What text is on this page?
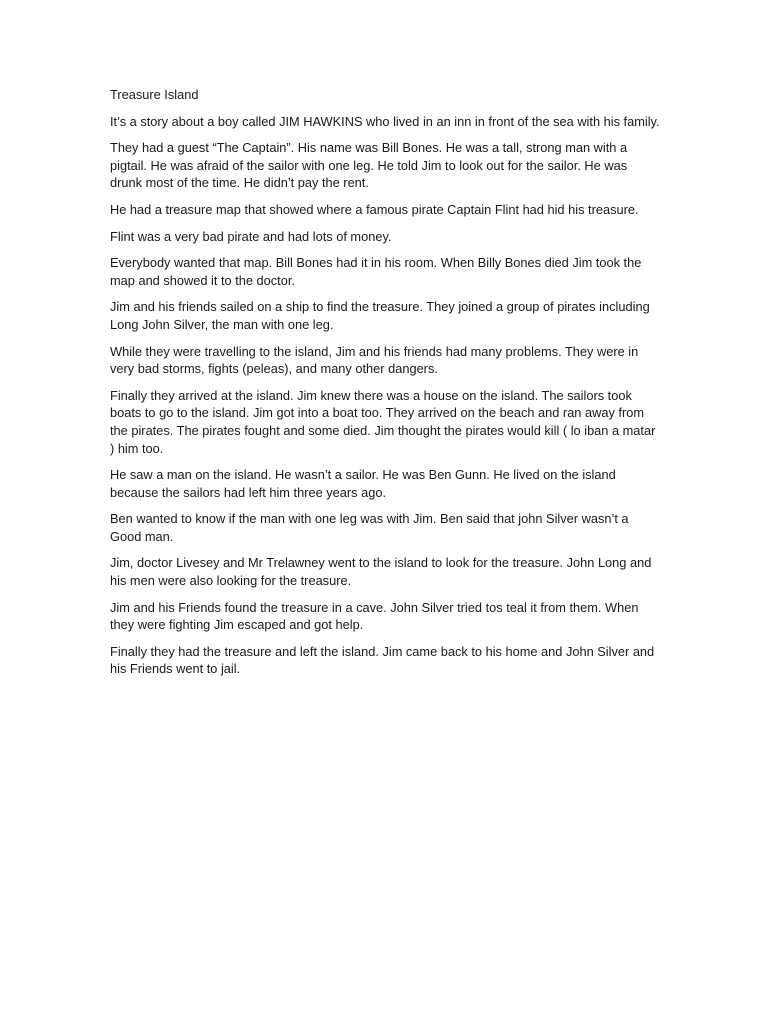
Treasure Island

It’s a story about a boy called JIM HAWKINS who lived in an inn in front of the sea with his family.

They had a guest “The Captain”. His name was Bill Bones. He was a tall, strong man with a pigtail. He was afraid of the sailor with one leg. He told Jim to look out for the sailor. He was drunk most of the time. He didn’t pay the rent.

He had a treasure map that showed where a famous pirate Captain Flint had hid his treasure.

Flint was a very bad pirate and had lots of money.

Everybody wanted that map. Bill Bones had it in his room. When Billy Bones died Jim took the map and showed it to the doctor.

Jim and his friends sailed on a ship to find the treasure. They joined a group of pirates including Long John Silver, the man with one leg.

While they were travelling to the island, Jim and his friends had many problems. They were in very bad storms, fights (peleas), and many other dangers.

Finally they arrived at the island. Jim knew there was a house on the island. The sailors took boats to go to the island. Jim got into a boat too. They arrived on the beach and ran away from the pirates. The pirates fought and some died. Jim thought the pirates would kill ( lo iban a matar ) him too.

He saw a man on the island. He wasn’t a sailor. He was Ben Gunn. He lived on the island because the sailors had left him three years ago.

Ben wanted to know if the man with one leg was with Jim. Ben said that john Silver wasn’t a Good man.

Jim, doctor Livesey and Mr Trelawney went to the island to look for the treasure. John Long and his men were also looking for the treasure.

Jim and his Friends found the treasure in a cave. John Silver tried tos teal it from them. When they were fighting Jim escaped and got help.

Finally they had the treasure and left the island. Jim came back to his home and John Silver and his Friends went to jail.
